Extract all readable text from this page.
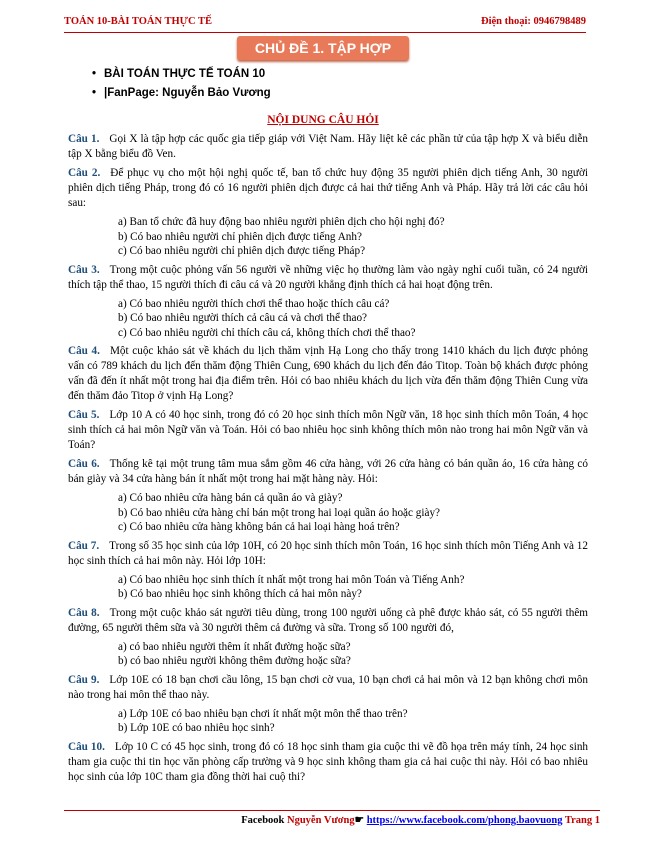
TOÁN 10-BÀI TOÁN THỰC TẾ	Điện thoại: 0946798489
CHỦ ĐỀ 1. TẬP HỢP
• BÀI TOÁN THỰC TẾ TOÁN 10
• |FanPage: Nguyễn Bảo Vương
NỘI DUNG CÂU HỎI
Câu 1. Gọi X là tập hợp các quốc gia tiếp giáp với Việt Nam. Hãy liệt kê các phần tử của tập hợp X và biểu diễn tập X bằng biểu đồ Ven.
Câu 2. Để phục vụ cho một hội nghị quốc tế, ban tổ chức huy động 35 người phiên dịch tiếng Anh, 30 người phiên dịch tiếng Pháp, trong đó có 16 người phiên dịch được cả hai thứ tiếng Anh và Pháp. Hãy trả lời các câu hỏi sau:
a) Ban tổ chức đã huy động bao nhiêu người phiên dịch cho hội nghị đó?
b) Có bao nhiêu người chỉ phiên dịch được tiếng Anh?
c) Có bao nhiêu người chỉ phiên dịch được tiếng Pháp?
Câu 3. Trong một cuộc phỏng vấn 56 người về những việc họ thường làm vào ngày nghỉ cuối tuần, có 24 người thích tập thể thao, 15 người thích đi câu cá và 20 người khẳng định thích cả hai hoạt động trên.
a) Có bao nhiêu người thích chơi thể thao hoặc thích câu cá?
b) Có bao nhiêu người thích cả câu cá và chơi thể thao?
c) Có bao nhiêu người chỉ thích câu cá, không thích chơi thể thao?
Câu 4. Một cuộc khảo sát về khách du lịch thăm vịnh Hạ Long cho thấy trong 1410 khách du lịch được phỏng vấn có 789 khách du lịch đến thăm động Thiên Cung, 690 khách du lịch đến đảo Titop. Toàn bộ khách được phỏng vấn đã đến ít nhất một trong hai địa điểm trên. Hỏi có bao nhiêu khách du lịch vừa đến thăm động Thiên Cung vừa đến thăm đảo Titop ở vịnh Hạ Long?
Câu 5. Lớp 10 A có 40 học sinh, trong đó có 20 học sinh thích môn Ngữ văn, 18 học sinh thích môn Toán, 4 học sinh thích cả hai môn Ngữ văn và Toán. Hỏi có bao nhiêu học sinh không thích môn nào trong hai môn Ngữ văn và Toán?
Câu 6. Thống kê tại một trung tâm mua sắm gồm 46 cửa hàng, với 26 cửa hàng có bán quần áo, 16 cửa hàng có bán giày và 34 cửa hàng bán ít nhất một trong hai mặt hàng này. Hỏi:
a) Có bao nhiêu cửa hàng bán cả quần áo và giày?
b) Có bao nhiêu cửa hàng chỉ bán một trong hai loại quần áo hoặc giày?
c) Có bao nhiêu cửa hàng không bán cả hai loại hàng hoá trên?
Câu 7. Trong số 35 học sinh của lớp 10H, có 20 học sinh thích môn Toán, 16 học sinh thích môn Tiếng Anh và 12 học sinh thích cả hai môn này. Hỏi lớp 10H:
a) Có bao nhiêu học sinh thích ít nhất một trong hai môn Toán và Tiếng Anh?
b) Có bao nhiêu học sinh không thích cả hai môn này?
Câu 8. Trong một cuộc khảo sát người tiêu dùng, trong 100 người uống cà phê được khảo sát, có 55 người thêm đường, 65 người thêm sữa và 30 người thêm cả đường và sữa. Trong số 100 người đó,
a) có bao nhiêu người thêm ít nhất đường hoặc sữa?
b) có bao nhiêu người không thêm đường hoặc sữa?
Câu 9. Lớp 10E có 18 bạn chơi cầu lông, 15 bạn chơi cờ vua, 10 bạn chơi cả hai môn và 12 bạn không chơi môn nào trong hai môn thể thao này.
a) Lớp 10E có bao nhiêu bạn chơi ít nhất một môn thể thao trên?
b) Lớp 10E có bao nhiêu học sinh?
Câu 10. Lớp 10 C có 45 học sinh, trong đó có 18 học sinh tham gia cuộc thi vẽ đồ họa trên máy tính, 24 học sinh tham gia cuộc thi tin học văn phòng cấp trường và 9 học sinh không tham gia cả hai cuộc thi này. Hỏi có bao nhiêu học sinh của lớp 10C tham gia đồng thời hai cuộ thi?
Facebook Nguyễn Vương☛ https://www.facebook.com/phong.baovuong Trang 1
